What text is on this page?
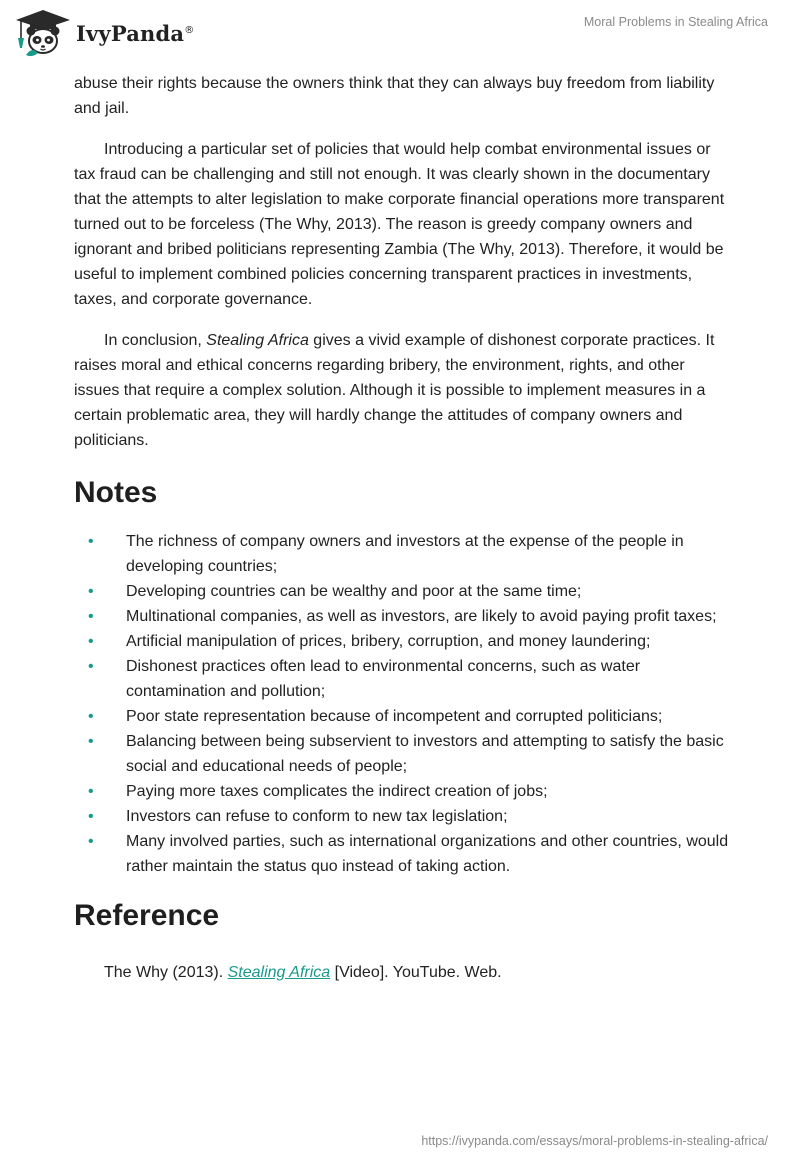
IvyPanda®
Moral Problems in Stealing Africa

abuse their rights because the owners think that they can always buy freedom from liability and jail.

Introducing a particular set of policies that would help combat environmental issues or tax fraud can be challenging and still not enough. It was clearly shown in the documentary that the attempts to alter legislation to make corporate financial operations more transparent turned out to be forceless (The Why, 2013). The reason is greedy company owners and ignorant and bribed politicians representing Zambia (The Why, 2013). Therefore, it would be useful to implement combined policies concerning transparent practices in investments, taxes, and corporate governance.

In conclusion, Stealing Africa gives a vivid example of dishonest corporate practices. It raises moral and ethical concerns regarding bribery, the environment, rights, and other issues that require a complex solution. Although it is possible to implement measures in a certain problematic area, they will hardly change the attitudes of company owners and politicians.

Notes
• The richness of company owners and investors at the expense of the people in developing countries;
• Developing countries can be wealthy and poor at the same time;
• Multinational companies, as well as investors, are likely to avoid paying profit taxes;
• Artificial manipulation of prices, bribery, corruption, and money laundering;
• Dishonest practices often lead to environmental concerns, such as water contamination and pollution;
• Poor state representation because of incompetent and corrupted politicians;
• Balancing between being subservient to investors and attempting to satisfy the basic social and educational needs of people;
• Paying more taxes complicates the indirect creation of jobs;
• Investors can refuse to conform to new tax legislation;
• Many involved parties, such as international organizations and other countries, would rather maintain the status quo instead of taking action.
Reference

The Why (2013). Stealing Africa [Video]. YouTube. Web.

https://ivypanda.com/essays/moral-problems-in-stealing-africa/
